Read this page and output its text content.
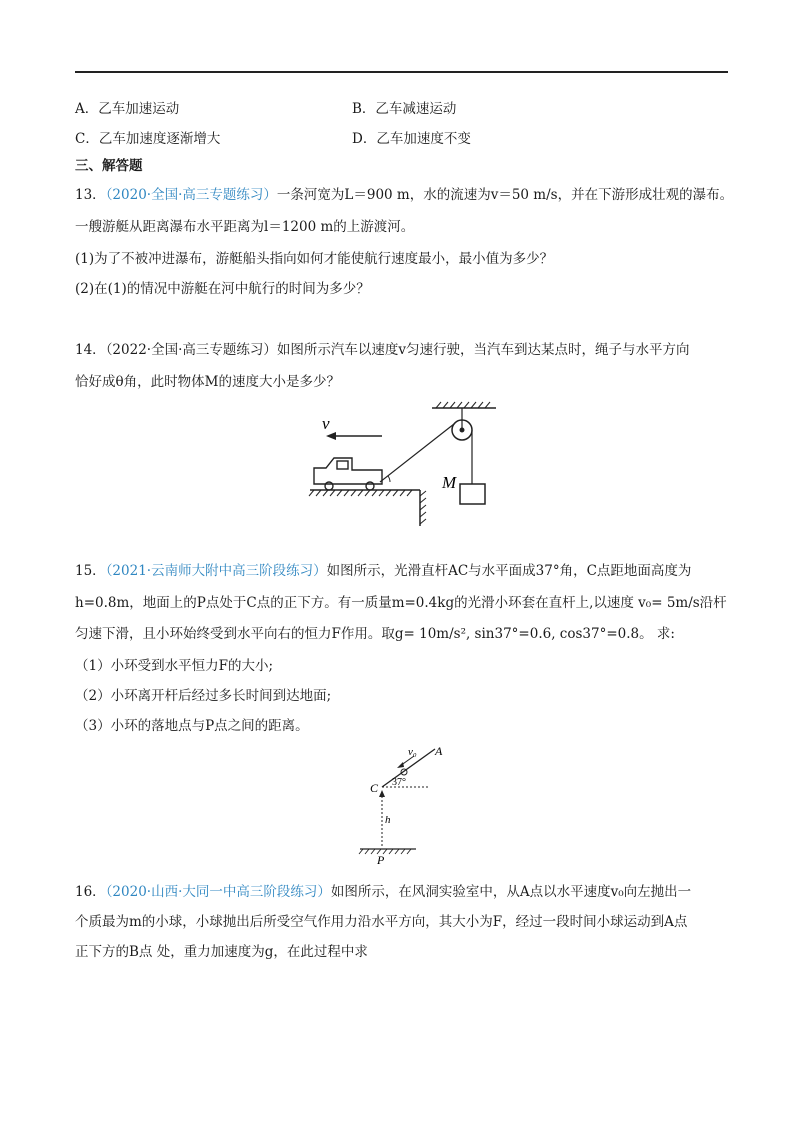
A．乙车加速运动	B．乙车减速运动
C．乙车加速度逐渐增大	D．乙车加速度不变
三、解答题
13．（2020·全国·高三专题练习）一条河宽为L＝900 m，水的流速为v＝50 m/s，并在下游形成壮观的瀑布。
一艘游艇从距离瀑布水平距离为l＝1200 m的上游渡河。
(1)为了不被冲进瀑布，游艇船头指向如何才能使航行速度最小，最小值为多少？
(2)在(1)的情况中游艇在河中航行的时间为多少？
14．（2022·全国·高三专题练习）如图所示汽车以速度v匀速行驶，当汽车到达某点时，绳子与水平方向
恰好成θ角，此时物体M的速度大小是多少？
M
v
15．（2021·云南师大附中高三阶段练习）如图所示，光滑直杆AC与水平面成37°角，C点距地面高度为
h=0.8m，地面上的P点处于C点的正下方。有一质量m=0.4kg的光滑小环套在直杆上,以速度 v₀= 5m/s沿杆
匀速下滑，且小环始终受到水平向右的恒力F作用。取g= 10m/s², sin37°=0.6, cos37°=0.8。 求:
（1）小环受到水平恒力F的大小;
（2）小环离开杆后经过多长时间到达地面;
（3）小环的落地点与P点之间的距离。
v₀ A
37°
C
h
P
16．（2020·山西·大同一中高三阶段练习）如图所示，在风洞实验室中，从A点以水平速度v₀向左抛出一
个质最为m的小球，小球抛出后所受空气作用力沿水平方向，其大小为F，经过一段时间小球运动到A点
正下方的B点 处，重力加速度为g，在此过程中求
